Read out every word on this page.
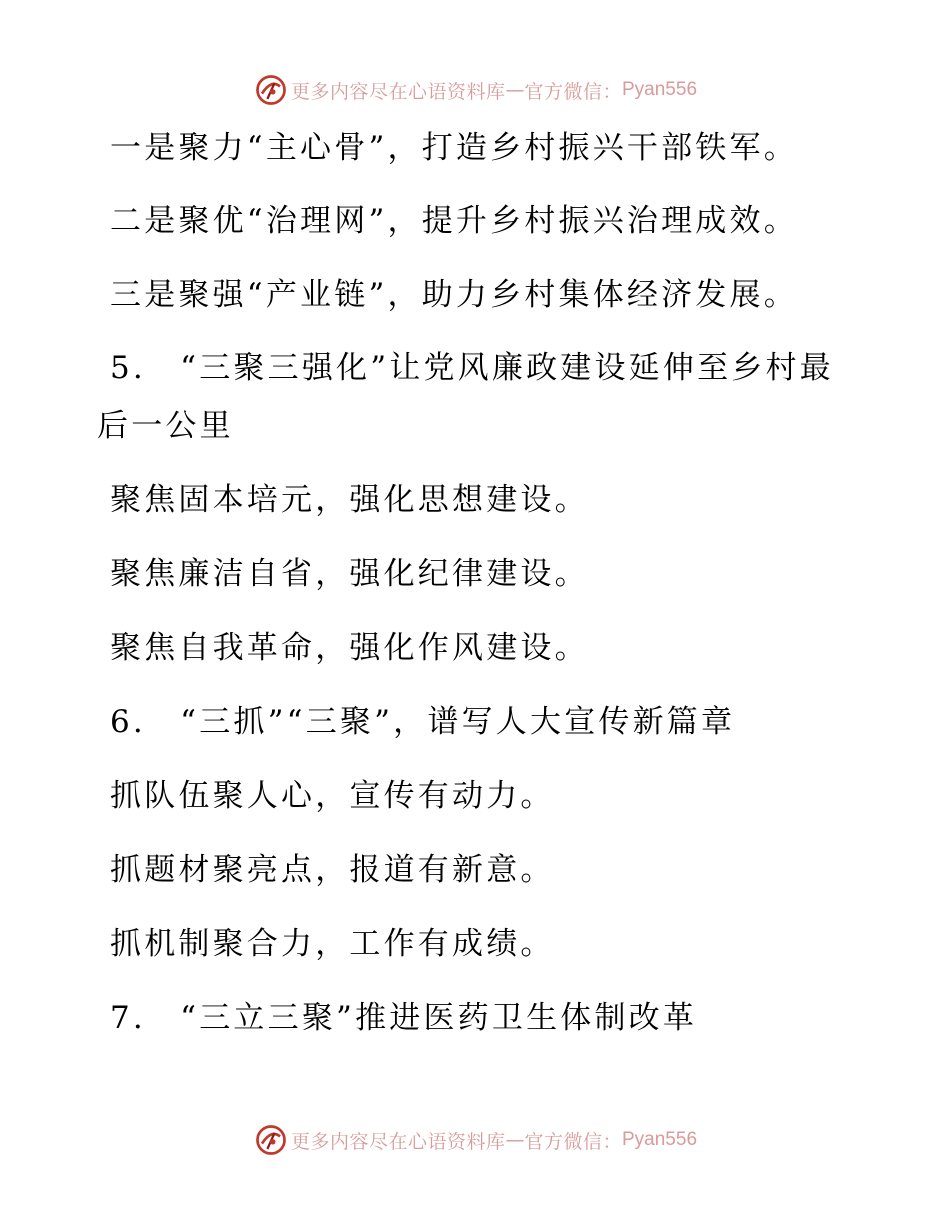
更多内容尽在心语资料库 — 官方微信： Pyan556
一是聚力“主心骨”，打造乡村振兴干部铁军。
二是聚优“治理网”，提升乡村振兴治理成效。
三是聚强“产业链”，助力乡村集体经济发展。
5.　“三聚三强化”让党风廉政建设延伸至乡村最
后一公里
聚焦固本培元，强化思想建设。
聚焦廉洁自省，强化纪律建设。
聚焦自我革命，强化作风建设。
6.　“三抓”“三聚”，谱写人大宣传新篇章
抓队伍聚人心，宣传有动力。
抓题材聚亮点，报道有新意。
抓机制聚合力，工作有成绩。
7.　“三立三聚”推进医药卫生体制改革
更多内容尽在心语资料库 — 官方微信： Pyan556
